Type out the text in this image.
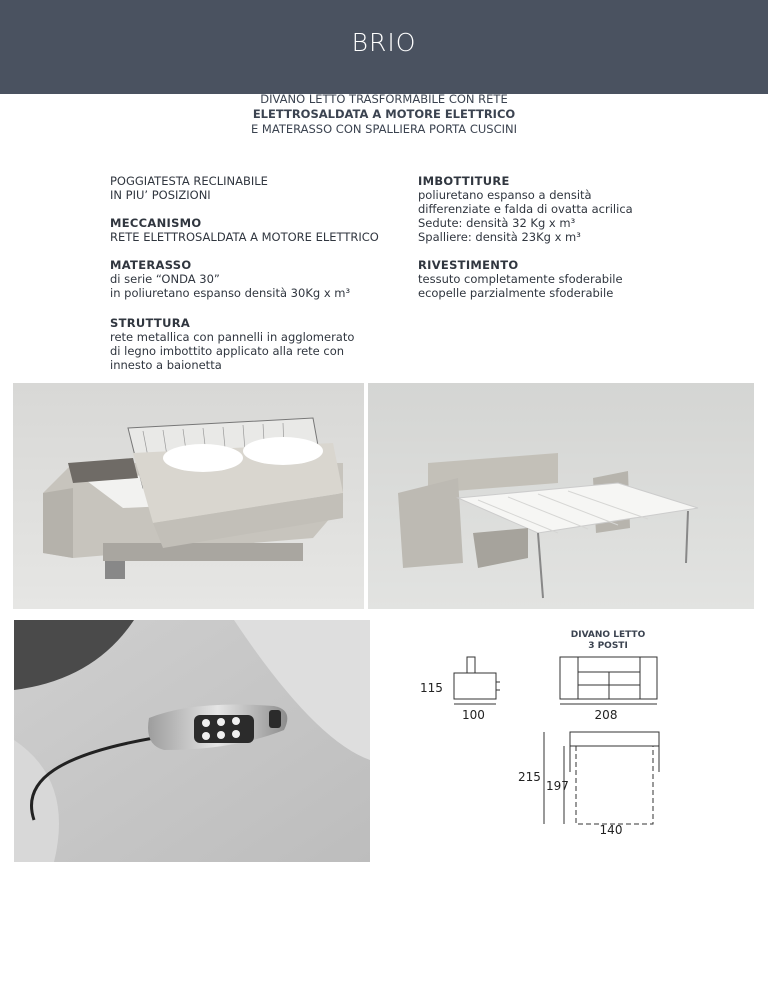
BRIO
DIVANO LETTO TRASFORMABILE CON RETE
ELETTROSALDATA A MOTORE ELETTRICO
E MATERASSO CON SPALLIERA PORTA CUSCINI
POGGIATESTA RECLINABILE
IN PIU’ POSIZIONI
MECCANISMO
RETE ELETTROSALDATA A MOTORE ELETTRICO
MATERASSO
di serie “ONDA 30”
in poliuretano espanso densità 30Kg x m³
STRUTTURA
rete metallica con pannelli in agglomerato
di legno imbottito applicato alla rete con
innesto a baionetta
IMBOTTITURE
poliuretano espanso a densità
differenziate e falda di ovatta acrilica
Sedute: densità 32 Kg x m³
Spalliere: densità 23Kg x m³
RIVESTIMENTO
tessuto completamente sfoderabile
ecopelle parzialmente sfoderabile
DIVANO LETTO
3 POSTI
115
100	208
215
197
140
